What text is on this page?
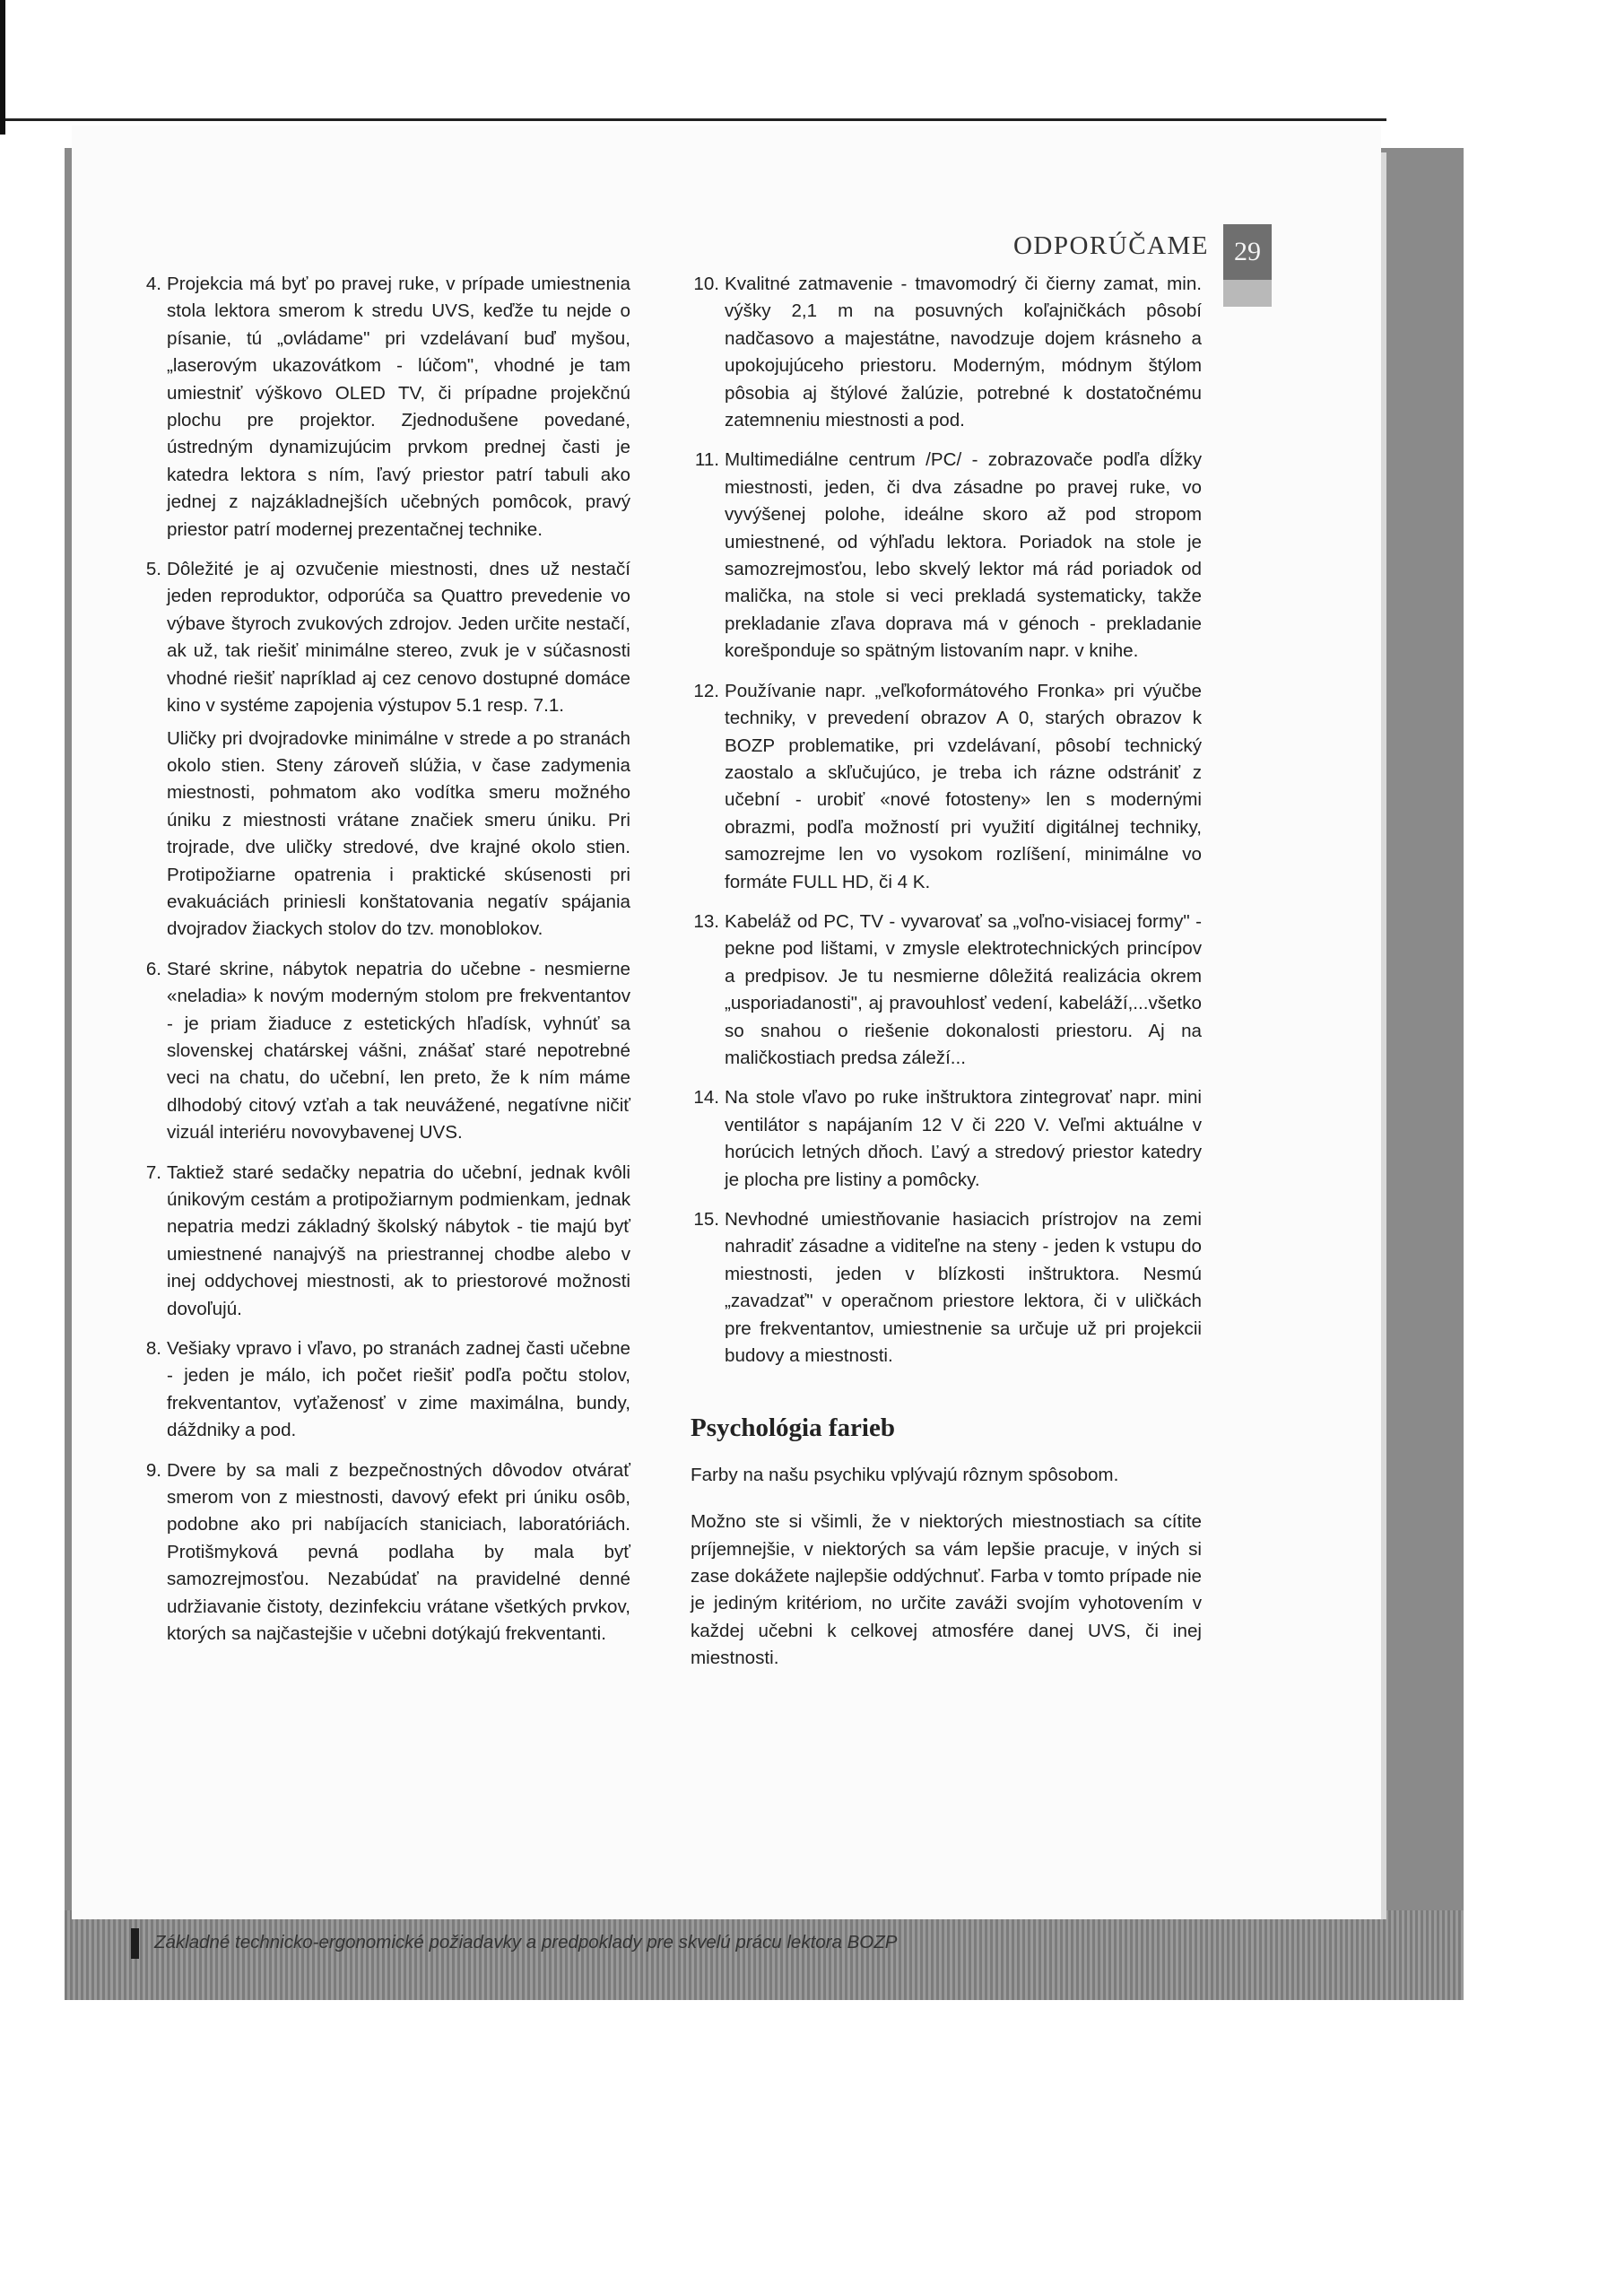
ODPORÚČAME 29
4. Projekcia má byť po pravej ruke, v prípade umiestnenia stola lektora smerom k stredu UVS, keďže tu nejde o písanie, tú „ovládame" pri vzdelávaní buď myšou, „laserovým ukazovátkom - lúčom", vhodné je tam umiestniť výškovo OLED TV, či prípadne projekčnú plochu pre projektor. Zjednodušene povedané, ústredným dynamizujúcim prvkom prednej časti je katedra lektora s ním, ľavý priestor patrí tabuli ako jednej z najzákladnejších učebných pomôcok, pravý priestor patrí modernej prezentačnej technike.

5. Dôležité je aj ozvučenie miestnosti, dnes už nestačí jeden reproduktor, odporúča sa Quattro prevedenie vo výbave štyroch zvukových zdrojov. Jeden určite nestačí, ak už, tak riešiť minimálne stereo, zvuk je v súčasnosti vhodné riešiť napríklad aj cez cenovo dostupné domáce kino v systéme zapojenia výstupov 5.1 resp. 7.1.

Uličky pri dvojradovke minimálne v strede a po stranách okolo stien. Steny zároveň slúžia, v čase zadymenia miestnosti, pohmatom ako vodítka smeru možného úniku z miestnosti vrátane značiek smeru úniku. Pri trojrade, dve uličky stredové, dve krajné okolo stien. Protipožiarne opatrenia i praktické skúsenosti pri evakuáciách priniesli konštatovania negatív spájania dvojradov žiackych stolov do tzv. monoblokov.

6. Staré skrine, nábytok nepatria do učebne - nesmierne «neladia» k novým moderným stolom pre frekventantov - je priam žiaduce z estetických hľadísk, vyhnúť sa slovenskej chatárskej vášni, znášať staré nepotrebné veci na chatu, do učební, len preto, že k ním máme dlhodobý citový vzťah a tak neuvážené, negatívne ničiť vizuál interiéru novovybavenej UVS.

7. Taktiež staré sedačky nepatria do učební, jednak kvôli únikovým cestám a protipožiarnym podmienkam, jednak nepatria medzi základný školský nábytok - tie majú byť umiestnené nanajvýš na priestrannej chodbe alebo v inej oddychovej miestnosti, ak to priestorové možnosti dovoľujú.

8. Vešiaky vpravo i vľavo, po stranách zadnej časti učebne - jeden je málo, ich počet riešiť podľa počtu stolov, frekventantov, vyťaženosť v zime maximálna, bundy, dáždniky a pod.

9. Dvere by sa mali z bezpečnostných dôvodov otvárať smerom von z miestnosti, davový efekt pri úniku osôb, podobne ako pri nabíjacích staniciach, laboratóriách. Protišmyková pevná podlaha by mala byť samozrejmosťou. Nezabúdať na pravidelné denné udržiavanie čistoty, dezinfekciu vrátane všetkých prvkov, ktorých sa najčastejšie v učebni dotýkajú frekventanti.

10. Kvalitné zatmavenie - tmavomodrý či čierny zamat, min. výšky 2,1 m na posuvných koľajničkách pôsobí nadčasovo a majestátne, navodzuje dojem krásneho a upokojujúceho priestoru. Moderným, módnym štýlom pôsobia aj štýlové žalúzie, potrebné k dostatočnému zatemneniu miestnosti a pod.

11. Multimediálne centrum /PC/ - zobrazovače podľa dĺžky miestnosti, jeden, či dva zásadne po pravej ruke, vo vyvýšenej polohe, ideálne skoro až pod stropom umiestnené, od výhľadu lektora. Poriadok na stole je samozrejmosťou, lebo skvelý lektor má rád poriadok od malička, na stole si veci prekladá systematicky, takže prekladanie zľava doprava má v génoch - prekladanie korešponduje so spätným listovaním napr. v knihe.

12. Používanie napr. „veľkoformátového Fronka» pri výučbe techniky, v prevedení obrazov A 0, starých obrazov k BOZP problematike, pri vzdelávaní, pôsobí technický zaostalo a skľučujúco, je treba ich rázne odstrániť z učební - urobiť «nové fotosteny» len s modernými obrazmi, podľa možností pri využití digitálnej techniky, samozrejme len vo vysokom rozlíšení, minimálne vo formáte FULL HD, či 4 K.

13. Kabeláž od PC, TV - vyvarovať sa „voľno-visiacej formy" - pekne pod lištami, v zmysle elektrotechnických princípov a predpisov. Je tu nesmierne dôležitá realizácia okrem „usporiadanosti", aj pravouhlosť vedení, kabeláží,...všetko so snahou o riešenie dokonalosti priestoru. Aj na maličkostiach predsa záleží...

14. Na stole vľavo po ruke inštruktora zintegrovať napr. mini ventilátor s napájaním 12 V či 220 V. Veľmi aktuálne v horúcich letných dňoch. Ľavý a stredový priestor katedry je plocha pre listiny a pomôcky.

15. Nevhodné umiestňovanie hasiacich prístrojov na zemi nahradiť zásadne a viditeľne na steny - jeden k vstupu do miestnosti, jeden v blízkosti inštruktora. Nesmú „zavadzať" v operačnom priestore lektora, či v uličkách pre frekventantov, umiestnenie sa určuje už pri projekcii budovy a miestnosti.

Psychológia farieb

Farby na našu psychiku vplývajú rôznym spôsobom.

Možno ste si všimli, že v niektorých miestnostiach sa cítite príjemnejšie, v niektorých sa vám lepšie pracuje, v iných si zase dokážete najlepšie oddýchnuť. Farba v tomto prípade nie je jediným kritériom, no určite zaváži svojím vyhotovením v každej učebni k celkovej atmosfére danej UVS, či inej miestnosti.

Základné technicko-ergonomické požiadavky a predpoklady pre skvelú prácu lektora BOZP
